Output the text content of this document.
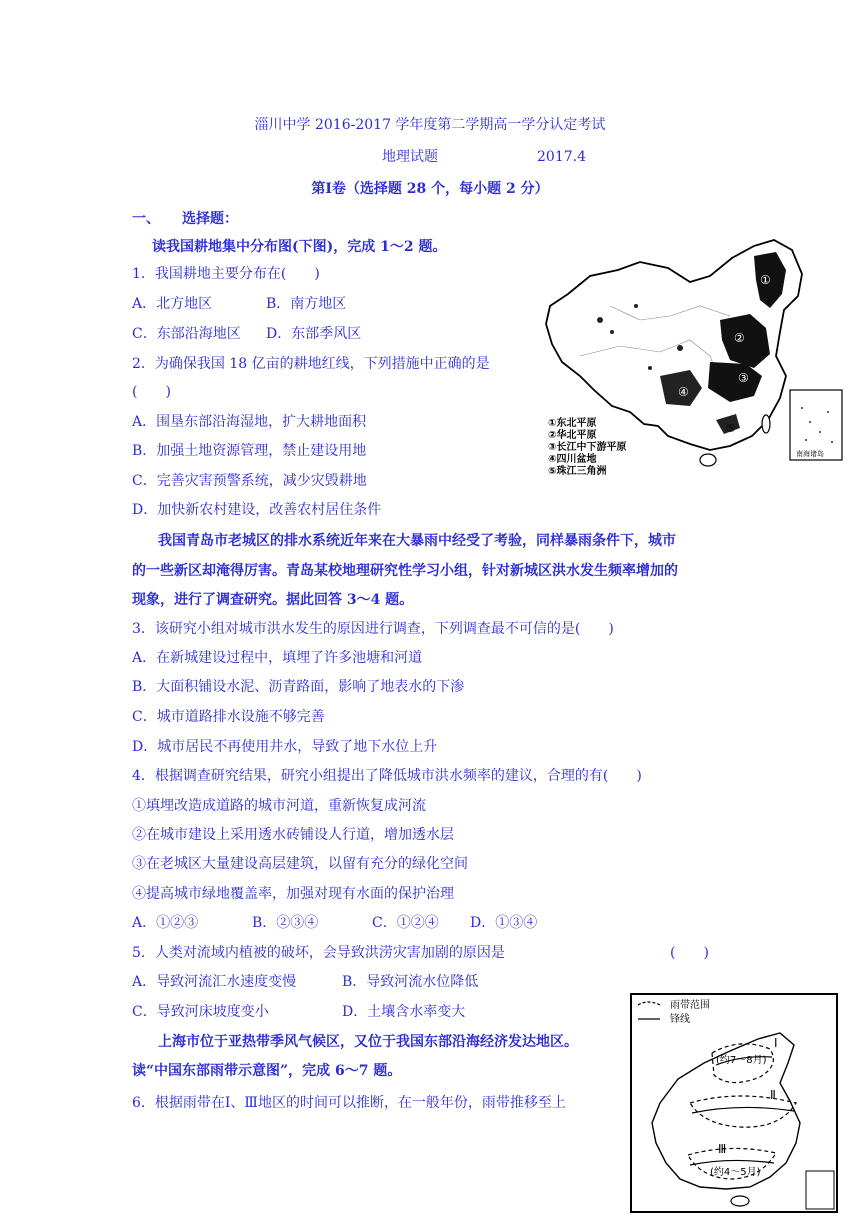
淄川中学 2016-2017 学年度第二学期高一学分认定考试
地理试题	2017.4
第Ⅰ卷（选择题 28 个，每小题 2 分）
一、 选择题：
读我国耕地集中分布图(下图)，完成 1～2 题。
1．我国耕地主要分布在(　　)
A．北方地区	B．南方地区
C．东部沿海地区 D．东部季风区
2．为确保我国 18 亿亩的耕地红线，下列措施中正确的是
(　　)
A．围垦东部沿海湿地，扩大耕地面积
B．加强土地资源管理，禁止建设用地
C．完善灾害预警系统，减少灾毁耕地
D．加快新农村建设，改善农村居住条件
我国青岛市老城区的排水系统近年来在大暴雨中经受了考验，同样暴雨条件下，城市
的一些新区却淹得厉害。青岛某校地理研究性学习小组，针对新城区洪水发生频率增加的
现象，进行了调查研究。据此回答 3～4 题。
3．该研究小组对城市洪水发生的原因进行调查，下列调查最不可信的是(　　)
A．在新城建设过程中，填埋了许多池塘和河道
B．大面积铺设水泥、沥青路面，影响了地表水的下渗
C．城市道路排水设施不够完善
D．城市居民不再使用井水，导致了地下水位上升
4．根据调查研究结果，研究小组提出了降低城市洪水频率的建议，合理的有(　　)
①填埋改造成道路的城市河道，重新恢复成河流
②在城市建设上采用透水砖铺设人行道，增加透水层
③在老城区大量建设高层建筑，以留有充分的绿化空间
④提高城市绿地覆盖率，加强对现有水面的保护治理
A．①②③	B．②③④	C．①②④ D．①③④
5．人类对流域内植被的破坏，会导致洪涝灾害加剧的原因是	(　　)
A．导致河流汇水速度变慢	B．导致河流水位降低
C．导致河床坡度变小	D．土壤含水率变大
上海市位于亚热带季风气候区，又位于我国东部沿海经济发达地区。
读“中国东部雨带示意图”，完成 6～7 题。
6．根据雨带在Ⅰ、Ⅲ地区的时间可以推断，在一般年份，雨带推移至上
①
②
③
④
⑤
①东北平原
②华北平原
③长江中下游平原
④四川盆地
⑤珠江三角洲
南海诸岛
雨带范围
锋线
Ⅰ
(约7～8月)
Ⅱ
Ⅲ
(约4～5月)
